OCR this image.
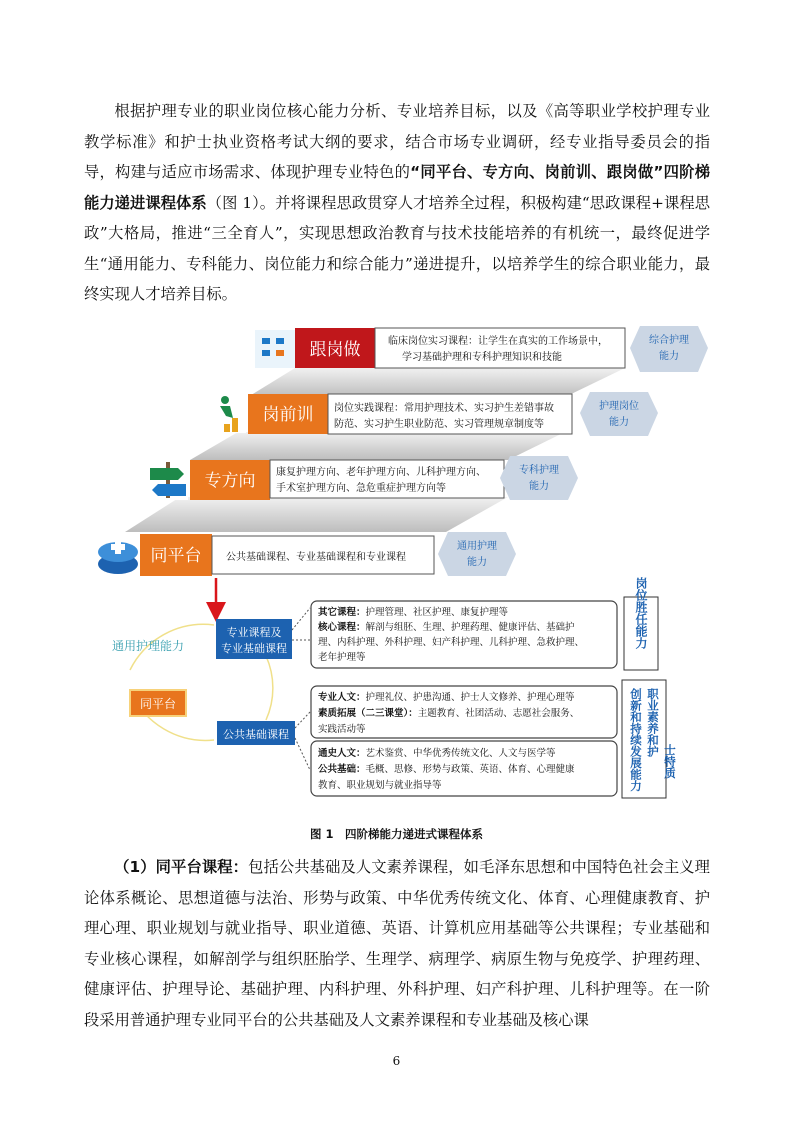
根据护理专业的职业岗位核心能力分析、专业培养目标，以及《高等职业学校护理专业教学标准》和护士执业资格考试大纲的要求，结合市场专业调研，经专业指导委员会的指导，构建与适应市场需求、体现护理专业特色的“同平台、专方向、岗前训、跟岗做”四阶梯能力递进课程体系（图 1）。并将课程思政贯穿人才培养全过程，积极构建“思政课程+课程思政”大格局，推进“三全育人”，实现思想政治教育与技术技能培养的有机统一，最终促进学生“通用能力、专科能力、岗位能力和综合能力”递进提升，以培养学生的综合职业能力，最终实现人才培养目标。

跟岗做	临床岗位实习课程：让学生在真实的工作场景中，
学习基础护理和专科护理知识和技能
综合护理
能力
岗前训 岗位实践课程：常用护理技术、实习护生差错事故
防范、实习护生职业防范、实习管理规章制度等
护理岗位
能力
专方向 康复护理方向、老年护理方向、儿科护理方向、
手术室护理方向、急危重症护理方向等
专科护理
能力
同平台 公共基础课程、专业基础课程和专业课程
通用护理
能力
通用护理能力
同平台
专业课程及
专业基础课程
公共基础课程
其它课程：护理管理、社区护理、康复护理等
核心课程：解剖与组胚、生理、护理药理、健康评估、基础护
理、内科护理、外科护理、妇产科护理、儿科护理、急救护理、
老年护理等
专业人文：护理礼仪、护患沟通、护士人文修养、护理心理等
素质拓展（二三课堂）：主题教育、社团活动、志愿社会服务、
实践活动等
通史人文：艺术鉴赏、中华优秀传统文化、人文与医学等
公共基础：毛概、思修、形势与政策、英语、体育、心理健康
教育、职业规划与就业指导等
岗位胜任能力
职业素养和护
创新和持续发展能力 士特质
图 1　四阶梯能力递进式课程体系

（1）同平台课程：包括公共基础及人文素养课程，如毛泽东思想和中国特色社会主义理论体系概论、思想道德与法治、形势与政策、中华优秀传统文化、体育、心理健康教育、护理心理、职业规划与就业指导、职业道德、英语、计算机应用基础等公共课程；专业基础和专业核心课程，如解剖学与组织胚胎学、生理学、病理学、病原生物与免疫学、护理药理、健康评估、护理导论、基础护理、内科护理、外科护理、妇产科护理、儿科护理等。在一阶段采用普通护理专业同平台的公共基础及人文素养课程和专业基础及核心课

6
